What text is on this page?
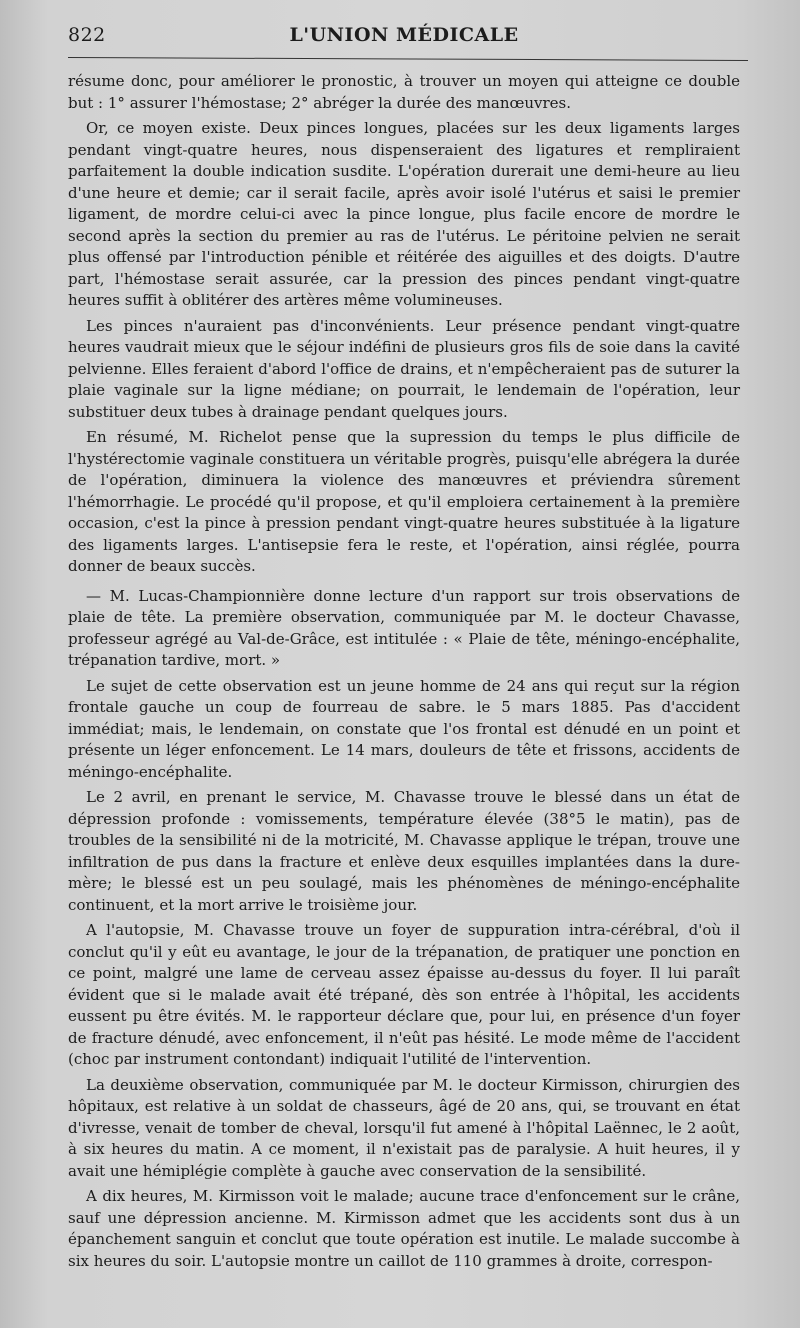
822	L'UNION MÉDICALE

résume donc, pour améliorer le pronostic, à trouver un moyen qui atteigne ce double but : 1° assurer l'hémostase; 2° abréger la durée des manœuvres.

Or, ce moyen existe. Deux pinces longues, placées sur les deux ligaments larges pendant vingt-quatre heures, nous dispenseraient des ligatures et rempliraient parfaitement la double indication susdite. L'opération durerait une demi-heure au lieu d'une heure et demie; car il serait facile, après avoir isolé l'utérus et saisi le premier ligament, de mordre celui-ci avec la pince longue, plus facile encore de mordre le second après la section du premier au ras de l'utérus. Le péritoine pelvien ne serait plus offensé par l'introduction pénible et réitérée des aiguilles et des doigts. D'autre part, l'hémostase serait assurée, car la pression des pinces pendant vingt-quatre heures suffit à oblitérer des artères même volumineuses.

Les pinces n'auraient pas d'inconvénients. Leur présence pendant vingt-quatre heures vaudrait mieux que le séjour indéfini de plusieurs gros fils de soie dans la cavité pelvienne. Elles feraient d'abord l'office de drains, et n'empêcheraient pas de suturer la plaie vaginale sur la ligne médiane; on pourrait, le lendemain de l'opération, leur substituer deux tubes à drainage pendant quelques jours.

En résumé, M. Richelot pense que la supression du temps le plus difficile de l'hystérectomie vaginale constituera un véritable progrès, puisqu'elle abrégera la durée de l'opération, diminuera la violence des manœuvres et préviendra sûrement l'hémorrhagie. Le procédé qu'il propose, et qu'il emploiera certainement à la première occasion, c'est la pince à pression pendant vingt-quatre heures substituée à la ligature des ligaments larges. L'antisepsie fera le reste, et l'opération, ainsi réglée, pourra donner de beaux succès.

— M. Lucas-Championnière donne lecture d'un rapport sur trois observations de plaie de tête. La première observation, communiquée par M. le docteur Chavasse, professeur agrégé au Val-de-Grâce, est intitulée : « Plaie de tête, méningo-encéphalite, trépanation tardive, mort. »

Le sujet de cette observation est un jeune homme de 24 ans qui reçut sur la région frontale gauche un coup de fourreau de sabre. le 5 mars 1885. Pas d'accident immédiat; mais, le lendemain, on constate que l'os frontal est dénudé en un point et présente un léger enfoncement. Le 14 mars, douleurs de tête et frissons, accidents de méningo-encéphalite.

Le 2 avril, en prenant le service, M. Chavasse trouve le blessé dans un état de dépression profonde : vomissements, température élevée (38°5 le matin), pas de troubles de la sensibilité ni de la motricité, M. Chavasse applique le trépan, trouve une infiltration de pus dans la fracture et enlève deux esquilles implantées dans la dure-mère; le blessé est un peu soulagé, mais les phénomènes de méningo-encéphalite continuent, et la mort arrive le troisième jour.

A l'autopsie, M. Chavasse trouve un foyer de suppuration intra-cérébral, d'où il conclut qu'il y eût eu avantage, le jour de la trépanation, de pratiquer une ponction en ce point, malgré une lame de cerveau assez épaisse au-dessus du foyer. Il lui paraît évident que si le malade avait été trépané, dès son entrée à l'hôpital, les accidents eussent pu être évités. M. le rapporteur déclare que, pour lui, en présence d'un foyer de fracture dénudé, avec enfoncement, il n'eût pas hésité. Le mode même de l'accident (choc par instrument contondant) indiquait l'utilité de l'intervention.

La deuxième observation, communiquée par M. le docteur Kirmisson, chirurgien des hôpitaux, est relative à un soldat de chasseurs, âgé de 20 ans, qui, se trouvant en état d'ivresse, venait de tomber de cheval, lorsqu'il fut amené à l'hôpital Laënnec, le 2 août, à six heures du matin. A ce moment, il n'existait pas de paralysie. A huit heures, il y avait une hémiplégie complète à gauche avec conservation de la sensibilité.

A dix heures, M. Kirmisson voit le malade; aucune trace d'enfoncement sur le crâne, sauf une dépression ancienne. M. Kirmisson admet que les accidents sont dus à un épanchement sanguin et conclut que toute opération est inutile. Le malade succombe à six heures du soir. L'autopsie montre un caillot de 110 grammes à droite, correspon-
